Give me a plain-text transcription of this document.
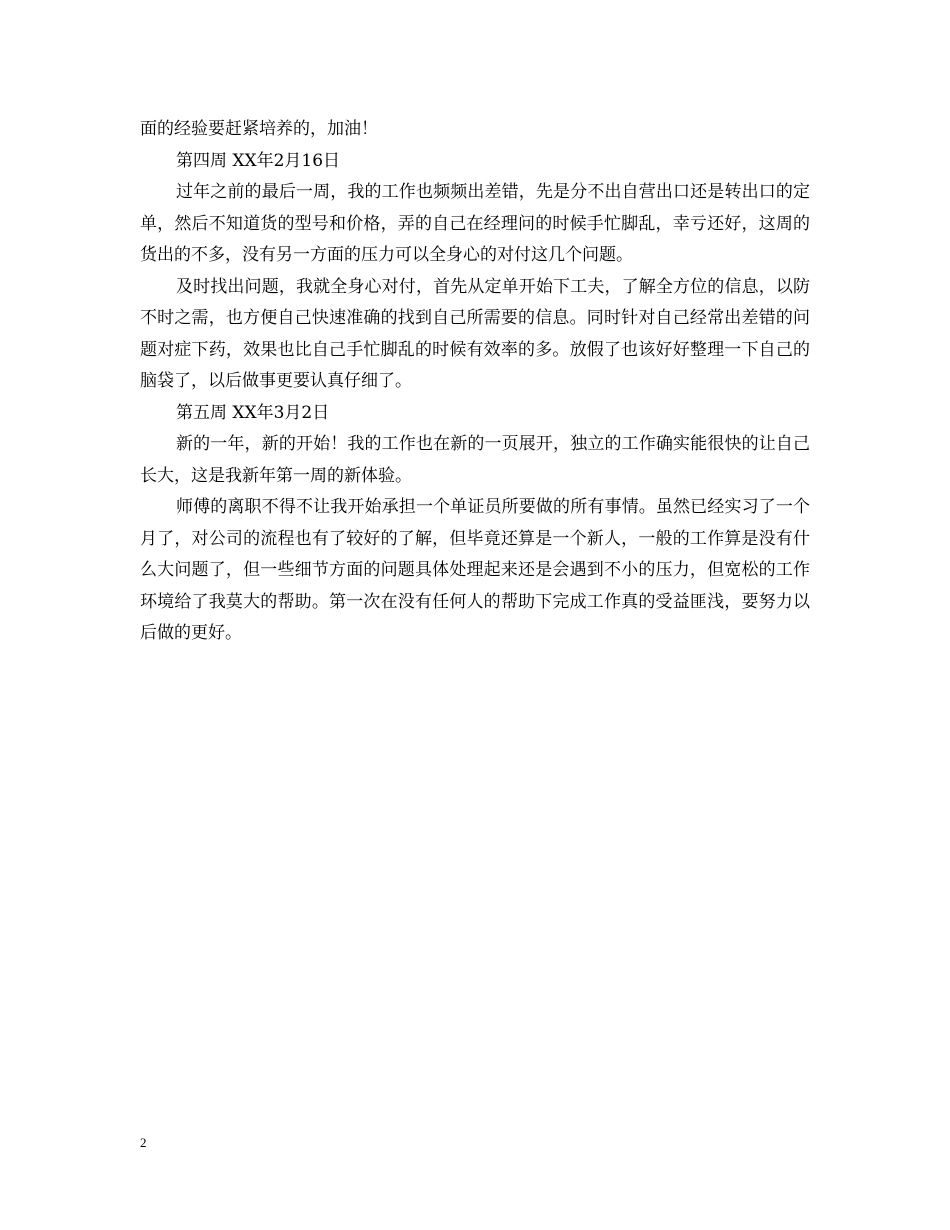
面的经验要赶紧培养的，加油！

第四周 XX年2月16日

过年之前的最后一周，我的工作也频频出差错，先是分不出自营出口还是转出口的定单，然后不知道货的型号和价格，弄的自己在经理问的时候手忙脚乱，幸亏还好，这周的货出的不多，没有另一方面的压力可以全身心的对付这几个问题。

及时找出问题，我就全身心对付，首先从定单开始下工夫，了解全方位的信息，以防不时之需，也方便自己快速准确的找到自己所需要的信息。同时针对自己经常出差错的问题对症下药，效果也比自己手忙脚乱的时候有效率的多。放假了也该好好整理一下自己的脑袋了，以后做事更要认真仔细了。

第五周 XX年3月2日

新的一年，新的开始！我的工作也在新的一页展开，独立的工作确实能很快的让自己长大，这是我新年第一周的新体验。

师傅的离职不得不让我开始承担一个单证员所要做的所有事情。虽然已经实习了一个月了，对公司的流程也有了较好的了解，但毕竟还算是一个新人，一般的工作算是没有什么大问题了，但一些细节方面的问题具体处理起来还是会遇到不小的压力，但宽松的工作环境给了我莫大的帮助。第一次在没有任何人的帮助下完成工作真的受益匪浅，要努力以后做的更好。

2
